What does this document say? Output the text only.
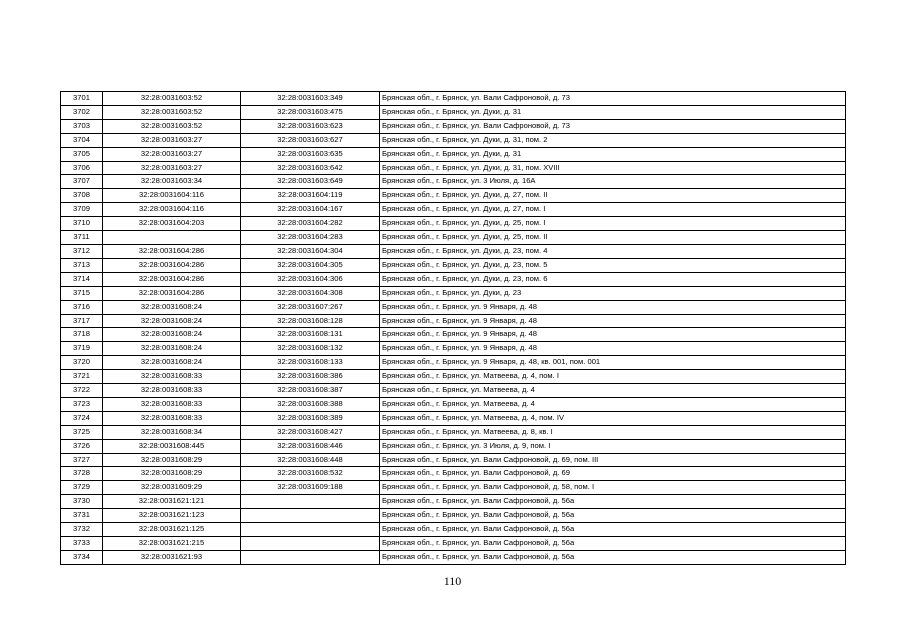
3701	32:28:0031603:52	32:28:0031603:349	Брянская обл., г. Брянск, ул. Вали Сафроновой, д. 73
3702	32:28:0031603:52	32:28:0031603:475	Брянская обл., г. Брянск, ул. Дуки, д. 31
3703	32:28:0031603:52	32:28:0031603:623	Брянская обл., г. Брянск, ул. Вали Сафроновой, д. 73
3704	32:28:0031603:27	32:28:0031603:627	Брянская обл., г. Брянск, ул. Дуки, д. 31, пом. 2
3705	32:28:0031603:27	32:28:0031603:635	Брянская обл., г. Брянск, ул. Дуки, д. 31
3706	32:28:0031603:27	32:28:0031603:642	Брянская обл., г. Брянск, ул. Дуки, д. 31, пом. XVIII
3707	32:28:0031603:34	32:28:0031603:649	Брянская обл., г. Брянск, ул. 3 Июля, д. 16А
3708	32:28:0031604:116	32:28:0031604:119	Брянская обл., г. Брянск, ул. Дуки, д. 27, пом. II
3709	32:28:0031604:116	32:28:0031604:167	Брянская обл., г. Брянск, ул. Дуки, д. 27, пом. I
3710	32:28:0031604:203	32:28:0031604:282	Брянская обл., г. Брянск, ул. Дуки, д. 25, пом. I
3711		32:28:0031604:283	Брянская обл., г. Брянск, ул. Дуки, д. 25, пом. II
3712	32:28:0031604:286	32:28:0031604:304	Брянская обл., г. Брянск, ул. Дуки, д. 23, пом. 4
3713	32:28:0031604:286	32:28:0031604:305	Брянская обл., г. Брянск, ул. Дуки, д. 23, пом. 5
3714	32:28:0031604:286	32:28:0031604:306	Брянская обл., г. Брянск, ул. Дуки, д. 23, пом. 6
3715	32:28:0031604:286	32:28:0031604:308	Брянская обл., г. Брянск, ул. Дуки, д. 23
3716	32:28:0031608:24	32:28:0031607:267	Брянская обл., г. Брянск, ул. 9 Января, д. 48
3717	32:28:0031608:24	32:28:0031608:128	Брянская обл., г. Брянск, ул. 9 Января, д. 48
3718	32:28:0031608:24	32:28:0031608:131	Брянская обл., г. Брянск, ул. 9 Января, д. 48
3719	32:28:0031608:24	32:28:0031608:132	Брянская обл., г. Брянск, ул. 9 Января, д. 48
3720	32:28:0031608:24	32:28:0031608:133	Брянская обл., г. Брянск, ул. 9 Января, д. 48, кв. 001, пом. 001
3721	32:28:0031608:33	32:28:0031608:386	Брянская обл., г. Брянск, ул. Матвеева, д. 4, пом. I
3722	32:28:0031608:33	32:28:0031608:387	Брянская обл., г. Брянск, ул. Матвеева, д. 4
3723	32:28:0031608:33	32:28:0031608:388	Брянская обл., г. Брянск, ул. Матвеева, д. 4
3724	32:28:0031608:33	32:28:0031608:389	Брянская обл., г. Брянск, ул. Матвеева, д. 4, пом. IV
3725	32:28:0031608:34	32:28:0031608:427	Брянская обл., г. Брянск, ул. Матвеева, д. 8, кв. I
3726	32:28:0031608:445	32:28:0031608:446	Брянская обл., г. Брянск, ул. 3 Июля, д. 9, пом. I
3727	32:28:0031608:29	32:28:0031608:448	Брянская обл., г. Брянск, ул. Вали Сафроновой, д. 69, пом. III
3728	32:28:0031608:29	32:28:0031608:532	Брянская обл., г. Брянск, ул. Вали Сафроновой, д. 69
3729	32:28:0031609:29	32:28:0031609:188	Брянская обл., г. Брянск, ул. Вали Сафроновой, д. 58, пом. I
3730	32:28:0031621:121		Брянская обл., г. Брянск, ул. Вали Сафроновой, д. 56а
3731	32:28:0031621:123		Брянская обл., г. Брянск, ул. Вали Сафроновой, д. 56а
3732	32:28:0031621:125		Брянская обл., г. Брянск, ул. Вали Сафроновой, д. 56а
3733	32:28:0031621:215		Брянская обл., г. Брянск, ул. Вали Сафроновой, д. 56а
3734	32:28:0031621:93		Брянская обл., г. Брянск, ул. Вали Сафроновой, д. 56а
110
